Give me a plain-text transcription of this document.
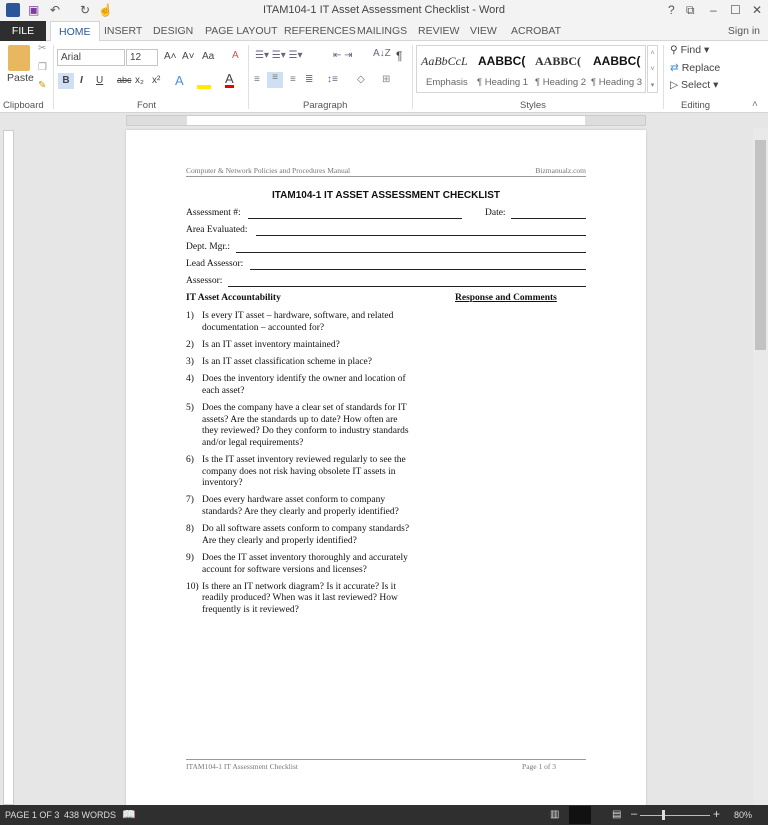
ITAM104-1 IT Asset Assessment Checklist - Word
▣ ↶ ↻ ☝	? ⧉ – ☐ ✕
FILE	HOME	INSERT	DESIGN	PAGE LAYOUT REFERENCES MAILINGS	REVIEW	VIEW	ACROBAT	Sign in
Paste
✂
❐
✎
Clipboard
Arial	12	A˄ A˅ Aa A
B	I U abc x₂ x² A	A
Font
☰▾ ☰▾ ☰▾	⇤ ⇥ A↓Z ¶
≡	≡	≡ ≣ ↕≡ ◇ ⊞
Paragraph
AaBbCcL AABBC( AABBC( AABBC(
Emphasis ¶ Heading 1 ¶ Heading 2 ¶ Heading 3
˄
˅
▾
Styles
⚲ Find ▾
⇄ Replace
▷ Select ▾
Editing	˄
Computer & Network Policies and Procedures Manual	Bizmanualz.com
ITAM104-1 IT ASSET ASSESSMENT CHECKLIST
Assessment #:	Date:
Area Evaluated:
Dept. Mgr.:
Lead Assessor:
Assessor:
IT Asset Accountability	Response and Comments
1) Is every IT asset – hardware, software, and related
documentation – accounted for?
2) Is an IT asset inventory maintained?
3) Is an IT asset classification scheme in place?
4) Does the inventory identify the owner and location of
each asset?
5) Does the company have a clear set of standards for IT
assets? Are the standards up to date? How often are
they reviewed? Do they conform to industry standards
and/or legal requirements?
6) Is the IT asset inventory reviewed regularly to see the
company does not risk having obsolete IT assets in
inventory?
7) Does every hardware asset conform to company
standards? Are they clearly and properly identified?
8) Do all software assets conform to company standards?
Are they clearly and properly identified?
9) Does the IT asset inventory thoroughly and accurately
account for software versions and licenses?
10) Is there an IT network diagram? Is it accurate? Is it
readily produced? When was it last reviewed? How
frequently is it reviewed?
ITAM104-1 IT Assessment Checklist	Page 1 of 3
PAGE 1 OF 3 438 WORDS 📖	▥	▤ –	+ 80%
